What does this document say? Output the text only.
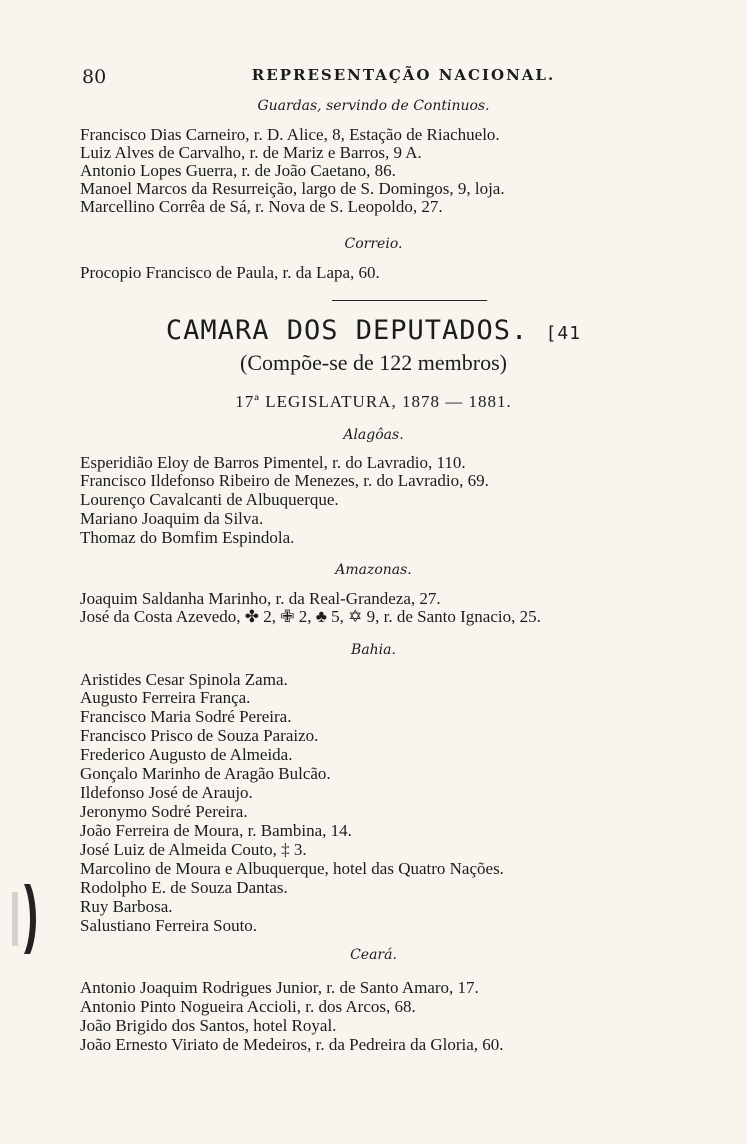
80	REPRESENTAÇÃO NACIONAL.
Guardas, servindo de Continuos.
Francisco Dias Carneiro, r. D. Alice, 8, Estação de Riachuelo.
Luiz Alves de Carvalho, r. de Mariz e Barros, 9 A.
Antonio Lopes Guerra, r. de João Caetano, 86.
Manoel Marcos da Resurreição, largo de S. Domingos, 9, loja.
Marcellino Corrêa de Sá, r. Nova de S. Leopoldo, 27.
Correio.
Procopio Francisco de Paula, r. da Lapa, 60.
CAMARA DOS DEPUTADOS. [41
(Compõe-se de 122 membros)
17ª LEGISLATURA, 1878 — 1881.
Alagôas.
Esperidião Eloy de Barros Pimentel, r. do Lavradio, 110.
Francisco Ildefonso Ribeiro de Menezes, r. do Lavradio, 69.
Lourenço Cavalcanti de Albuquerque.
Mariano Joaquim da Silva.
Thomaz do Bomfim Espindola.
Amazonas.
Joaquim Saldanha Marinho, r. da Real-Grandeza, 27.
José da Costa Azevedo, ✤ 2, ✙ 2, ♣ 5, ✡ 9, r. de Santo Ignacio, 25.
Bahia.
Aristides Cesar Spinola Zama.
Augusto Ferreira França.
Francisco Maria Sodré Pereira.
Francisco Prisco de Souza Paraizo.
Frederico Augusto de Almeida.
Gonçalo Marinho de Aragão Bulcão.
Ildefonso José de Araujo.
Jeronymo Sodré Pereira.
João Ferreira de Moura, r. Bambina, 14.
José Luiz de Almeida Couto, ‡ 3.
Marcolino de Moura e Albuquerque, hotel das Quatro Nações.
Rodolpho E. de Souza Dantas.
Ruy Barbosa.
Salustiano Ferreira Souto.
Ceará.
Antonio Joaquim Rodrigues Junior, r. de Santo Amaro, 17.
Antonio Pinto Nogueira Accioli, r. dos Arcos, 68.
João Brigido dos Santos, hotel Royal.
João Ernesto Viriato de Medeiros, r. da Pedreira da Gloria, 60.
